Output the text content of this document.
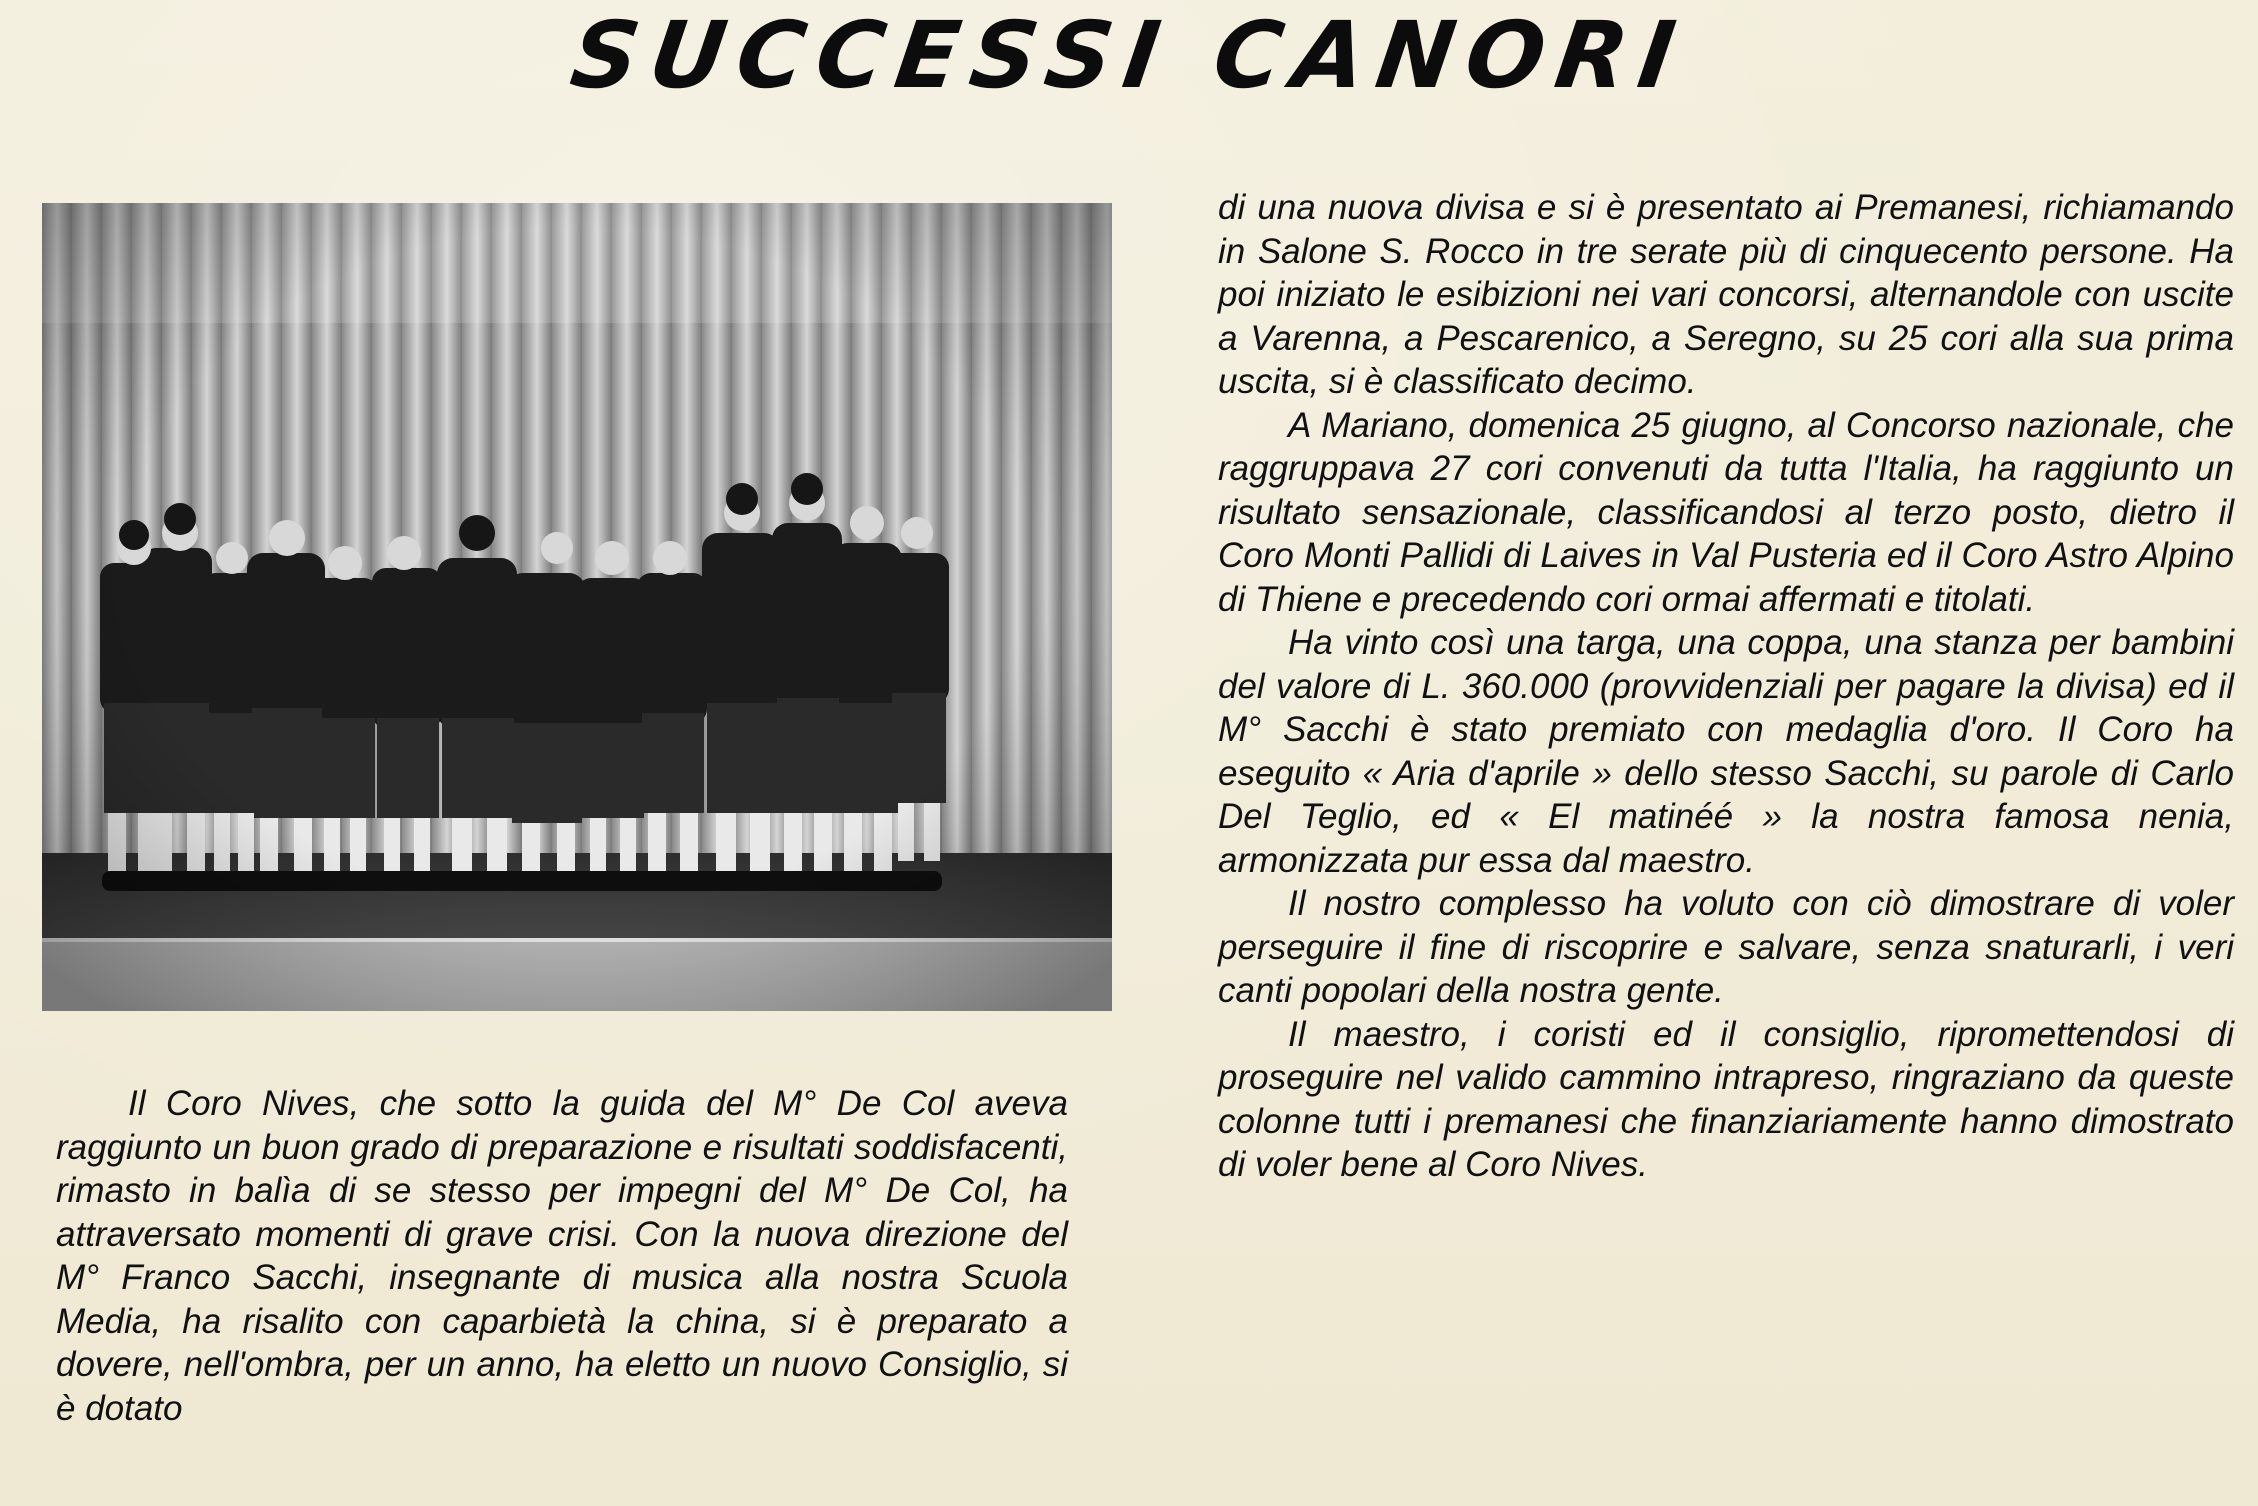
SUCCESSI CANORI

Il Coro Nives, che sotto la guida del M° De Col aveva raggiunto un buon grado di preparazione e risultati soddisfacenti, rimasto in balìa di se stesso per impegni del M° De Col, ha attraversato momenti di grave crisi. Con la nuova direzione del M° Franco Sacchi, insegnante di musica alla nostra Scuola Media, ha risalito con caparbietà la china, si è preparato a dovere, nell'ombra, per un anno, ha eletto un nuovo Consiglio, si è dotato

di una nuova divisa e si è presentato ai Premanesi, richiamando in Salone S. Rocco in tre serate più di cinquecento persone. Ha poi iniziato le esibizioni nei vari concorsi, alternandole con uscite a Varenna, a Pescarenico, a Seregno, su 25 cori alla sua prima uscita, si è classificato decimo.

A Mariano, domenica 25 giugno, al Concorso nazionale, che raggruppava 27 cori convenuti da tutta l'Italia, ha raggiunto un risultato sensazionale, classificandosi al terzo posto, dietro il Coro Monti Pallidi di Laives in Val Pusteria ed il Coro Astro Alpino di Thiene e precedendo cori ormai affermati e titolati.

Ha vinto così una targa, una coppa, una stanza per bambini del valore di L. 360.000 (provvidenziali per pagare la divisa) ed il M° Sacchi è stato premiato con medaglia d'oro. Il Coro ha eseguito « Aria d'aprile » dello stesso Sacchi, su parole di Carlo Del Teglio, ed « El matinéé » la nostra famosa nenia, armonizzata pur essa dal maestro.

Il nostro complesso ha voluto con ciò dimostrare di voler perseguire il fine di riscoprire e salvare, senza snaturarli, i veri canti popolari della nostra gente.

Il maestro, i coristi ed il consiglio, ripromettendosi di proseguire nel valido cammino intrapreso, ringraziano da queste colonne tutti i premanesi che finanziariamente hanno dimostrato di voler bene al Coro Nives.
